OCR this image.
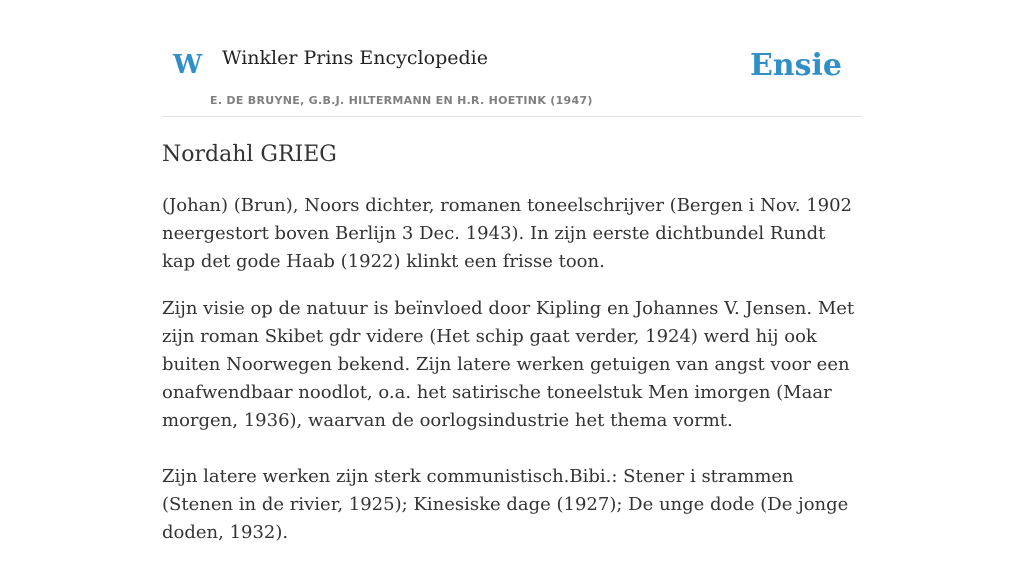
W Winkler Prins Encyclopedie	Ensie
E. DE BRUYNE, G.B.J. HILTERMANN EN H.R. HOETINK (1947)
Nordahl GRIEG

(Johan) (Brun), Noors dichter, romanen toneelschrijver (Bergen i Nov. 1902 neergestort boven Berlijn 3 Dec. 1943). In zijn eerste dichtbundel Rundt kap det gode Haab (1922) klinkt een frisse toon.

Zijn visie op de natuur is beïnvloed door Kipling en Johannes V. Jensen. Met zijn roman Skibet gdr videre (Het schip gaat verder, 1924) werd hij ook buiten Noorwegen bekend. Zijn latere werken getuigen van angst voor een onafwendbaar noodlot, o.a. het satirische toneelstuk Men imorgen (Maar morgen, 1936), waarvan de oorlogsindustrie het thema vormt.

Zijn latere werken zijn sterk communistisch.Bibi.: Stener i strammen (Stenen in de rivier, 1925); Kinesiske dage (1927); De unge dode (De jonge doden, 1932).
